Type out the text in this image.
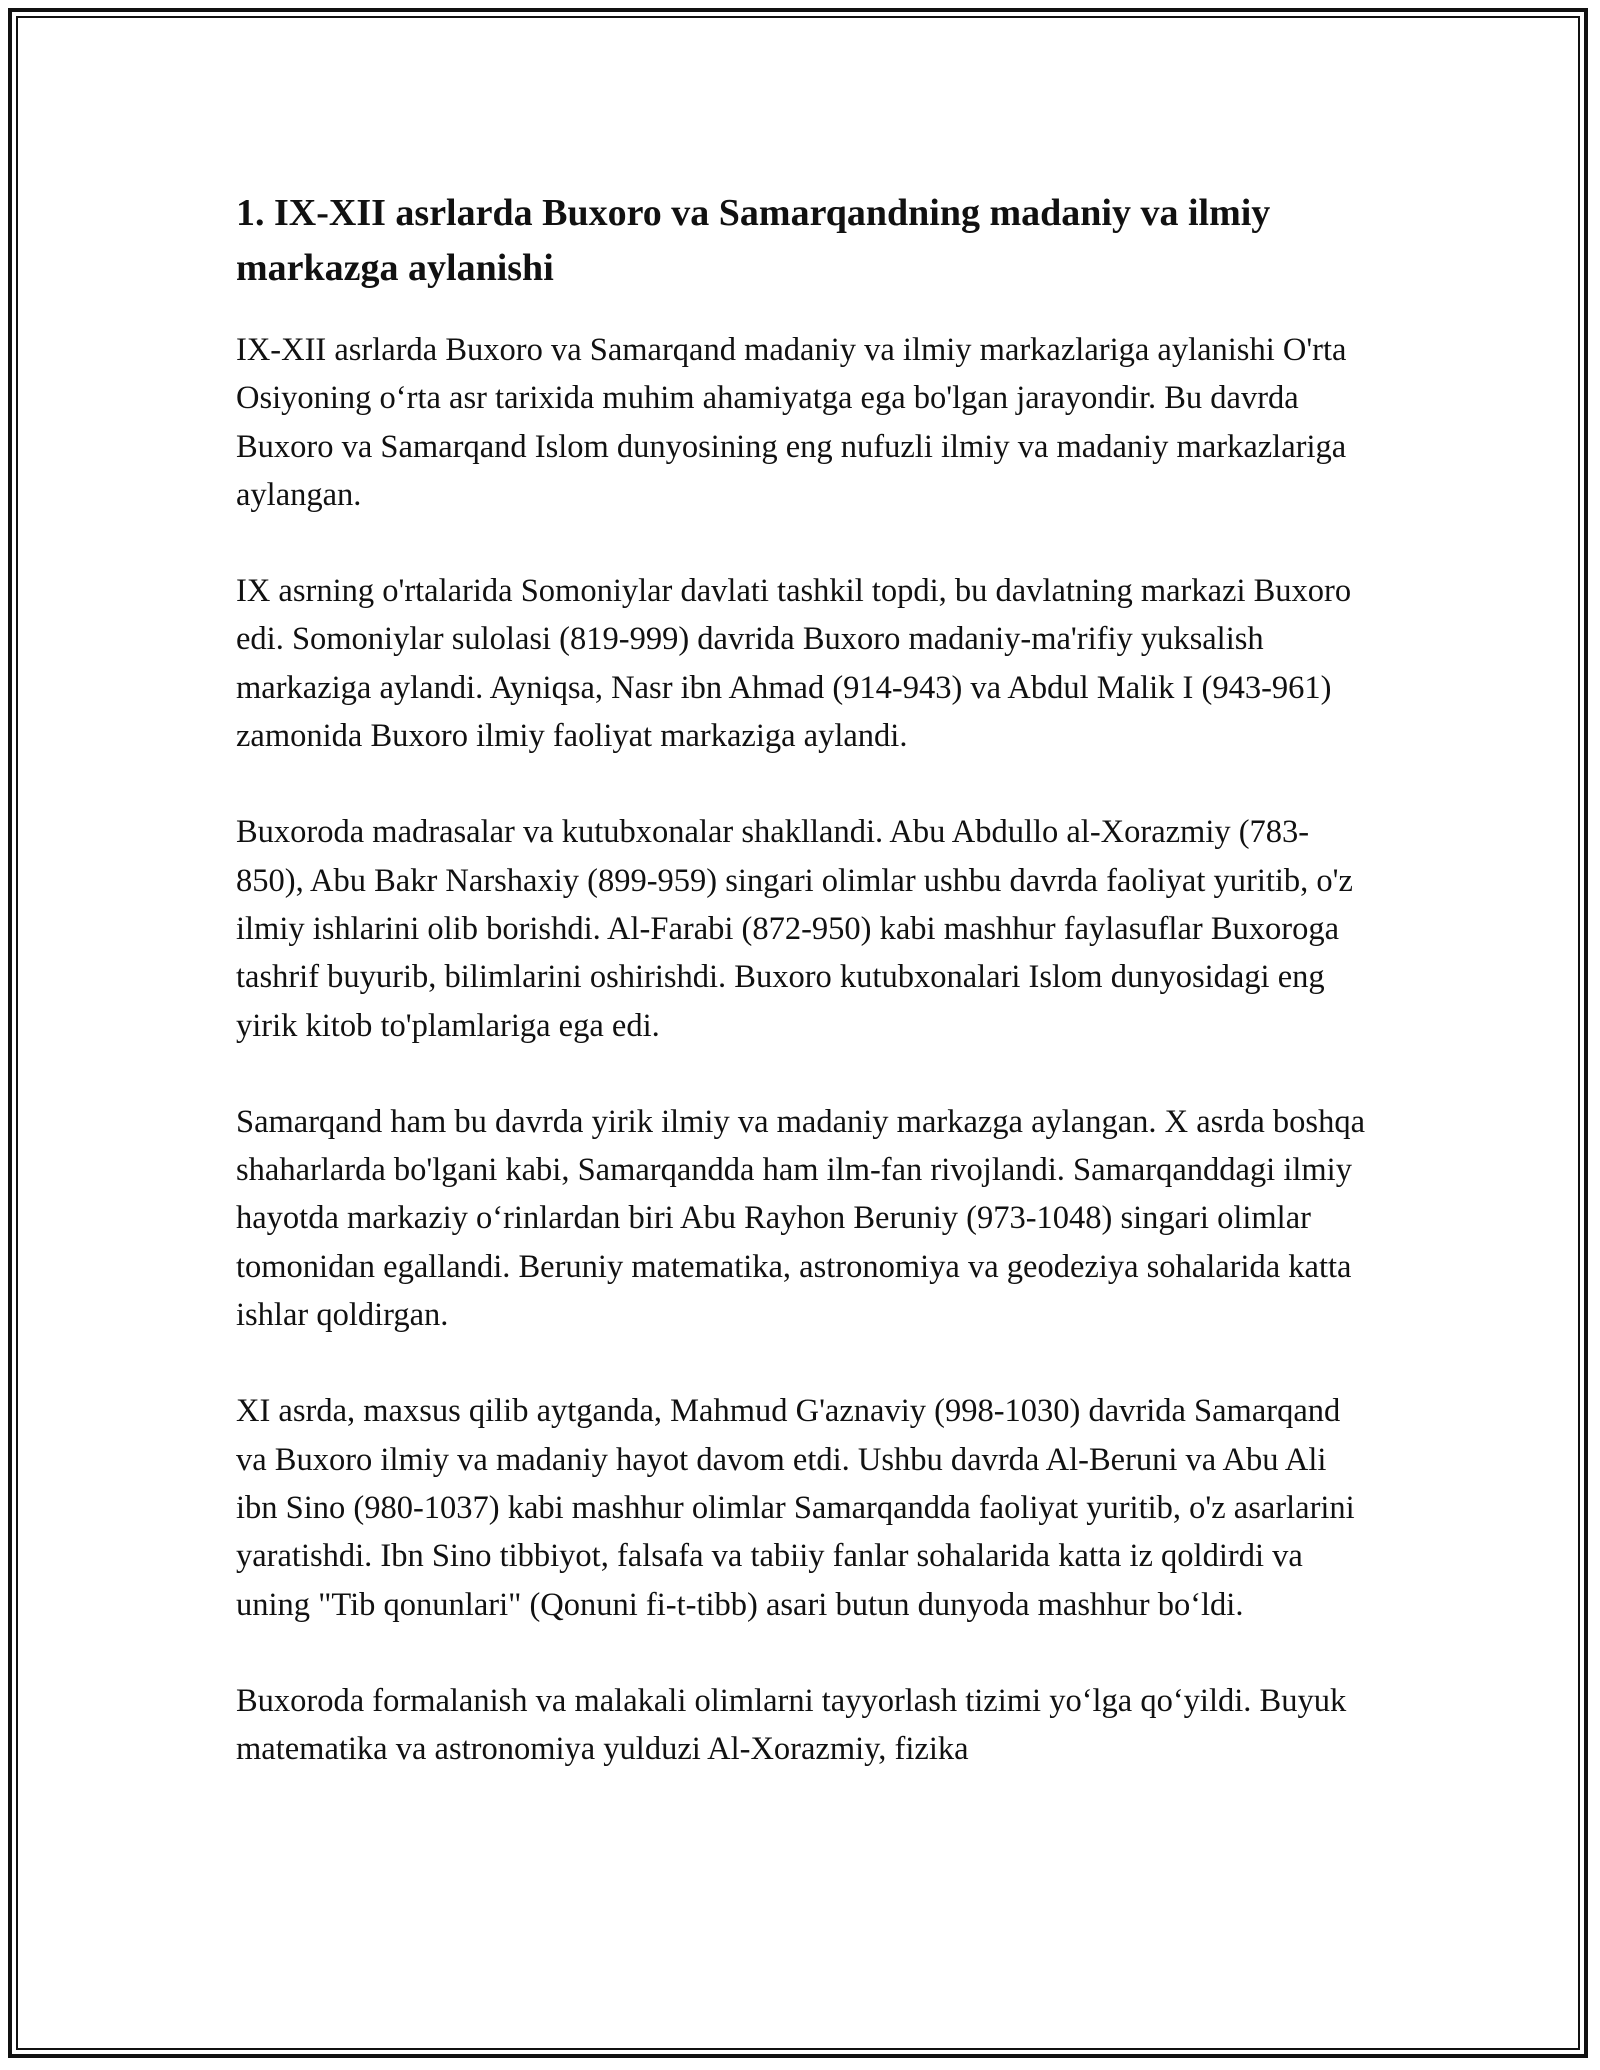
1. IX-XII asrlarda Buxoro va Samarqandning madaniy va ilmiy markazga aylanishi

IX-XII asrlarda Buxoro va Samarqand madaniy va ilmiy markazlariga aylanishi O'rta Osiyoning o‘rta asr tarixida muhim ahamiyatga ega bo'lgan jarayondir. Bu davrda Buxoro va Samarqand Islom dunyosining eng nufuzli ilmiy va madaniy markazlariga aylangan.

IX asrning o'rtalarida Somoniylar davlati tashkil topdi, bu davlatning markazi Buxoro edi. Somoniylar sulolasi (819-999) davrida Buxoro madaniy-ma'rifiy yuksalish markaziga aylandi. Ayniqsa, Nasr ibn Ahmad (914-943) va Abdul Malik I (943-961) zamonida Buxoro ilmiy faoliyat markaziga aylandi.

Buxoroda madrasalar va kutubxonalar shakllandi. Abu Abdullo al-Xorazmiy (783-850), Abu Bakr Narshaxiy (899-959) singari olimlar ushbu davrda faoliyat yuritib, o'z ilmiy ishlarini olib borishdi. Al-Farabi (872-950) kabi mashhur faylasuflar Buxoroga tashrif buyurib, bilimlarini oshirishdi. Buxoro kutubxonalari Islom dunyosidagi eng yirik kitob to'plamlariga ega edi.

Samarqand ham bu davrda yirik ilmiy va madaniy markazga aylangan. X asrda boshqa shaharlarda bo'lgani kabi, Samarqandda ham ilm-fan rivojlandi. Samarqanddagi ilmiy hayotda markaziy o‘rinlardan biri Abu Rayhon Beruniy (973-1048) singari olimlar tomonidan egallandi. Beruniy matematika, astronomiya va geodeziya sohalarida katta ishlar qoldirgan.

XI asrda, maxsus qilib aytganda, Mahmud G'aznaviy (998-1030) davrida Samarqand va Buxoro ilmiy va madaniy hayot davom etdi. Ushbu davrda Al-Beruni va Abu Ali ibn Sino (980-1037) kabi mashhur olimlar Samarqandda faoliyat yuritib, o'z asarlarini yaratishdi. Ibn Sino tibbiyot, falsafa va tabiiy fanlar sohalarida katta iz qoldirdi va uning "Tib qonunlari" (Qonuni fi-t-tibb) asari butun dunyoda mashhur bo‘ldi.

Buxoroda formalanish va malakali olimlarni tayyorlash tizimi yo‘lga qo‘yildi. Buyuk matematika va astronomiya yulduzi Al-Xorazmiy, fizika
